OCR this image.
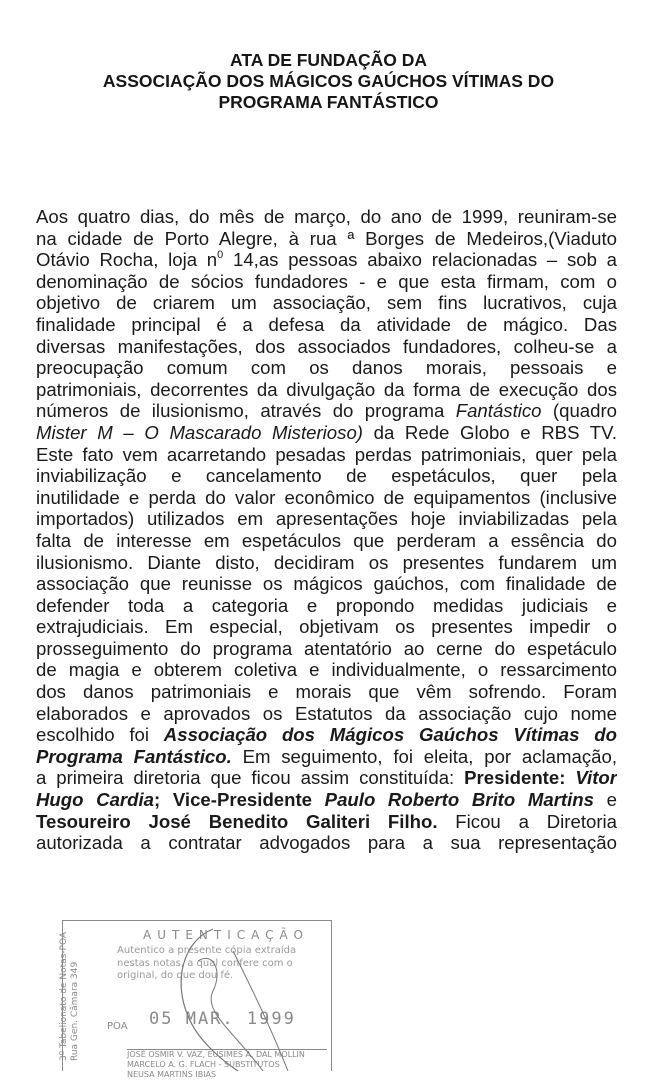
ATA DE FUNDAÇÃO DA
ASSOCIAÇÃO DOS MÁGICOS GAÚCHOS VÍTIMAS DO
PROGRAMA FANTÁSTICO
Aos quatro dias, do mês de março, do ano de 1999, reuniram-se
na cidade de Porto Alegre, à rua ª Borges de Medeiros,(Viaduto
Otávio Rocha, loja $n^0$ 14,as pessoas abaixo relacionadas – sob a
denominação de sócios fundadores - e que esta firmam, com o
objetivo de criarem um associação, sem fins lucrativos, cuja
finalidade principal é a defesa da atividade de mágico. Das
diversas manifestações, dos associados fundadores, colheu-se a
preocupação comum com os danos morais, pessoais e
patrimoniais, decorrentes da divulgação da forma de execução dos
números de ilusionismo, através do programa Fantástico (quadro
Mister M – O Mascarado Misterioso) da Rede Globo e RBS TV.
Este fato vem acarretando pesadas perdas patrimoniais, quer pela
inviabilização e cancelamento de espetáculos, quer pela
inutilidade e perda do valor econômico de equipamentos (inclusive
importados) utilizados em apresentações hoje inviabilizadas pela
falta de interesse em espetáculos que perderam a essência do
ilusionismo. Diante disto, decidiram os presentes fundarem um
associação que reunisse os mágicos gaúchos, com finalidade de
defender toda a categoria e propondo medidas judiciais e
extrajudiciais. Em especial, objetivam os presentes impedir o
prosseguimento do programa atentatório ao cerne do espetáculo
de magia e obterem coletiva e individualmente, o ressarcimento
dos danos patrimoniais e morais que vêm sofrendo. Foram
elaborados e aprovados os Estatutos da associação cujo nome
escolhido foi Associação dos Mágicos Gaúchos Vítimas do
Programa Fantástico. Em seguimento, foi eleita, por aclamação,
a primeira diretoria que ficou assim constituída: Presidente: Vitor
Hugo Cardia; Vice-Presidente Paulo Roberto Brito Martins e
Tesoureiro José Benedito Galiteri Filho. Ficou a Diretoria
autorizada a contratar advogados para a sua representação
3º Tabelionato de Notas-POA Rua Gen. Câmara 349
AUTENTICAÇÃO
Autentico a presente cópia extraída nestas notas, a qual confere com o original, do que dou fé.
POA 05 MAR. 1999
JOSÉ OSMIR V. VAZ, EUSIMES A. DAL MOLLIN
MARCELO A. G. FLACH - SUBSTITUTOS
NEUSA MARTINS IBIAS
